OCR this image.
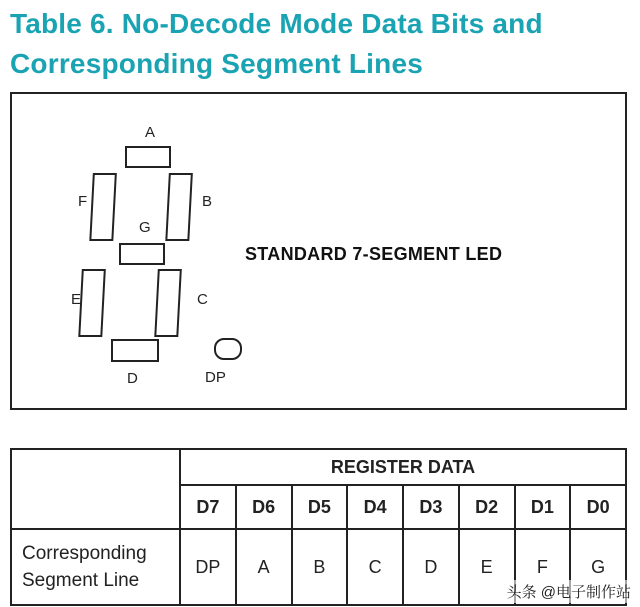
Table 6. No-Decode Mode Data Bits and
Corresponding Segment Lines
A
F	B
G
E	C
D	DP
STANDARD 7-SEGMENT LED
	REGISTER DATA							
	D7	D6	D5	D4	D3	D2	D1	D0

Corresponding
Segment Line	DP	A	B	C	D	E	F	G
头条 @电子制作站
